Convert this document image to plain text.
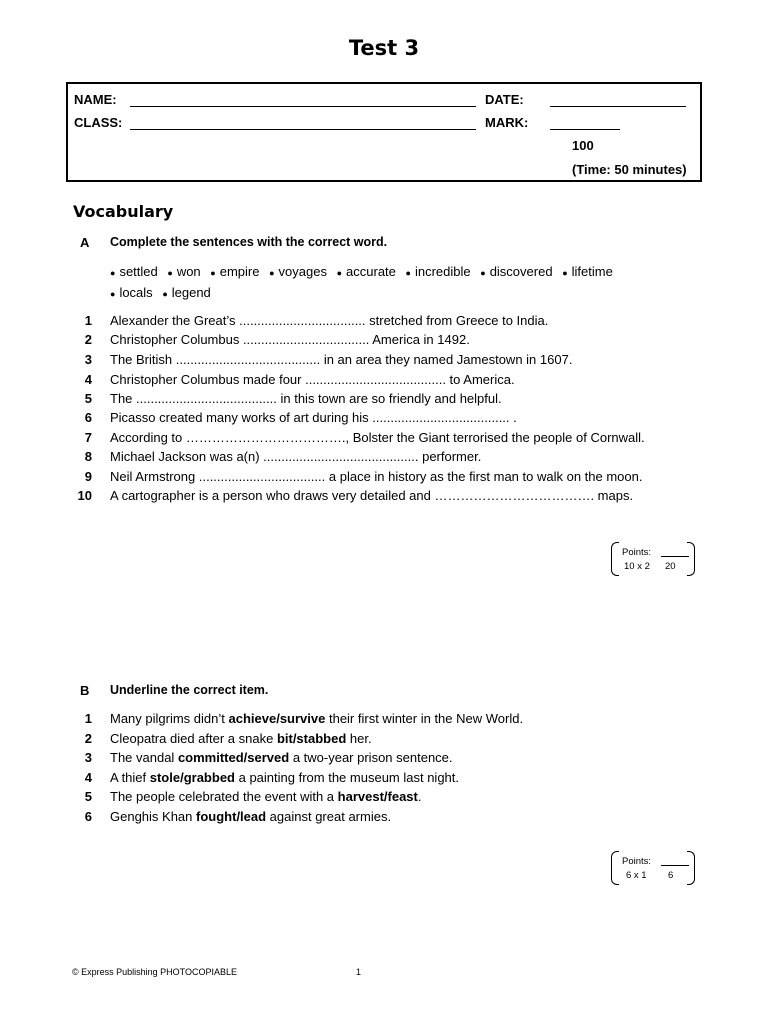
Test 3
NAME:	DATE:
CLASS:	MARK:
100
(Time: 50 minutes)
Vocabulary
A Complete the sentences with the correct word.
● settled ● won ● empire ● voyages ● accurate ● incredible ● discovered ● lifetime ● locals ● legend
1 Alexander the Great’s ................................... stretched from Greece to India.
2 Christopher Columbus ................................... America in 1492.
3 The British ........................................ in an area they named Jamestown in 1607.
4 Christopher Columbus made four ....................................... to America.
5 The ....................................... in this town are so friendly and helpful.
6 Picasso created many works of art during his ...................................... .
7 According to ………………………………., Bolster the Giant terrorised the people of Cornwall.
8 Michael Jackson was a(n) ........................................... performer.
9 Neil Armstrong ................................... a place in history as the first man to walk on the moon.
10 A cartographer is a person who draws very detailed and ………………………………. maps.
Points:
10 x 2 20
B Underline the correct item.
1 Many pilgrims didn’t achieve/survive their first winter in the New World.
2 Cleopatra died after a snake bit/stabbed her.
3 The vandal committed/served a two-year prison sentence.
4 A thief stole/grabbed a painting from the museum last night.
5 The people celebrated the event with a harvest/feast.
6 Genghis Khan fought/lead against great armies.
Points:
6 x 1 6
© Express Publishing PHOTOCOPIABLE	1
